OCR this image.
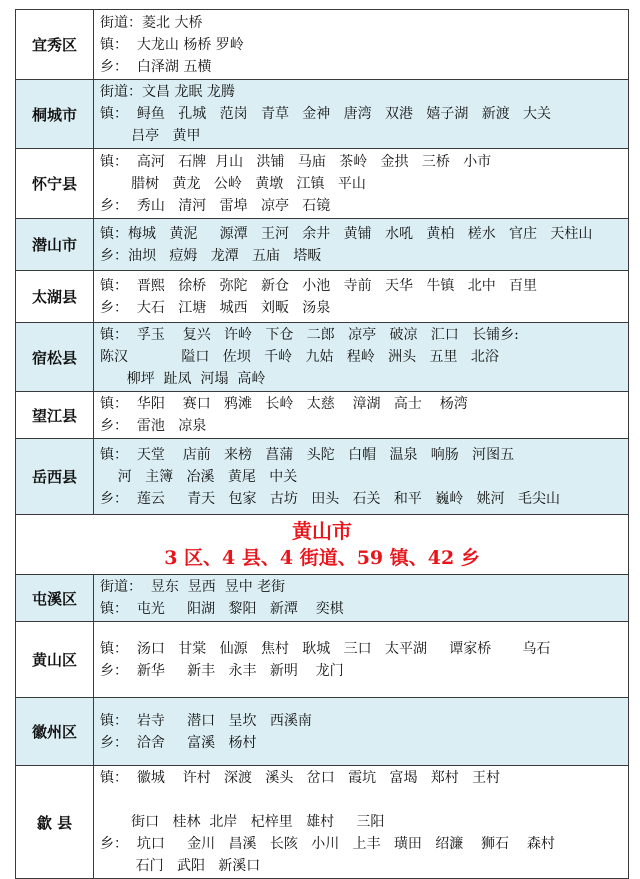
宜秀区	街道：菱北 大桥
镇：  大龙山 杨桥 罗岭
乡：  白泽湖 五横

桐城市	街道：文昌 龙眠 龙腾
镇：  鲟鱼   孔城   范岗   青草   金神   唐湾   双港   嬉子湖   新渡   大关
吕亭   黄甲

怀宁县	镇：  高河   石牌  月山   洪铺   马庙   茶岭   金拱   三桥   小市
腊树   黄龙   公岭   黄墩   江镇   平山
乡：  秀山   清河   雷埠   凉亭   石镜

潜山市	镇：梅城   黄泥     源潭   王河   余井   黄铺   水吼   黄柏   槎水   官庄   天柱山
乡：油坝   痘姆   龙潭   五庙   塔畈

太湖县	镇：  晋熙   徐桥   弥陀   新仓   小池   寺前   天华   牛镇   北中   百里
乡：  大石   江塘   城西   刘畈   汤泉

宿松县	镇：  孚玉    复兴   许岭   下仓   二郎   凉亭   破凉   汇口   长铺乡:
陈汉            隘口   佐坝   千岭   九姑   程岭   洲头   五里   北浴
柳坪  趾凤  河塌  高岭

望江县	镇：  华阳    赛口   鸦滩   长岭   太慈    漳湖   高士    杨湾
乡：  雷池   凉泉

岳西县	镇：  天堂    店前   来榜   菖蒲   头陀   白帽   温泉   响肠   河图五
河   主簿   冶溪   黄尾   中关
乡：  莲云     青天   包家   古坊   田头   石关   和平   巍岭   姚河   毛尖山

黄山市
3 区、4 县、4 街道、59 镇、42 乡	

屯溪区	街道：  昱东  昱西  昱中 老街
镇：  屯光     阳湖   黎阳   新潭    奕棋

黄山区	镇：  汤口   甘棠   仙源   焦村   耿城   三口   太平湖     谭家桥       乌石
乡：  新华     新丰   永丰   新明    龙门

徽州区	镇：  岩寺     潜口   呈坎   西溪南
乡：  洽舍     富溪   杨村

歙 县	镇：  徽城    许村   深渡   溪头   岔口   霞坑   富堨   郑村   王村
街口   桂林  北岸   杞梓里   雄村     三阳
乡：  坑口     金川   昌溪   长陔   小川   上丰   璜田   绍濂    狮石    森村
石门   武阳   新溪口
